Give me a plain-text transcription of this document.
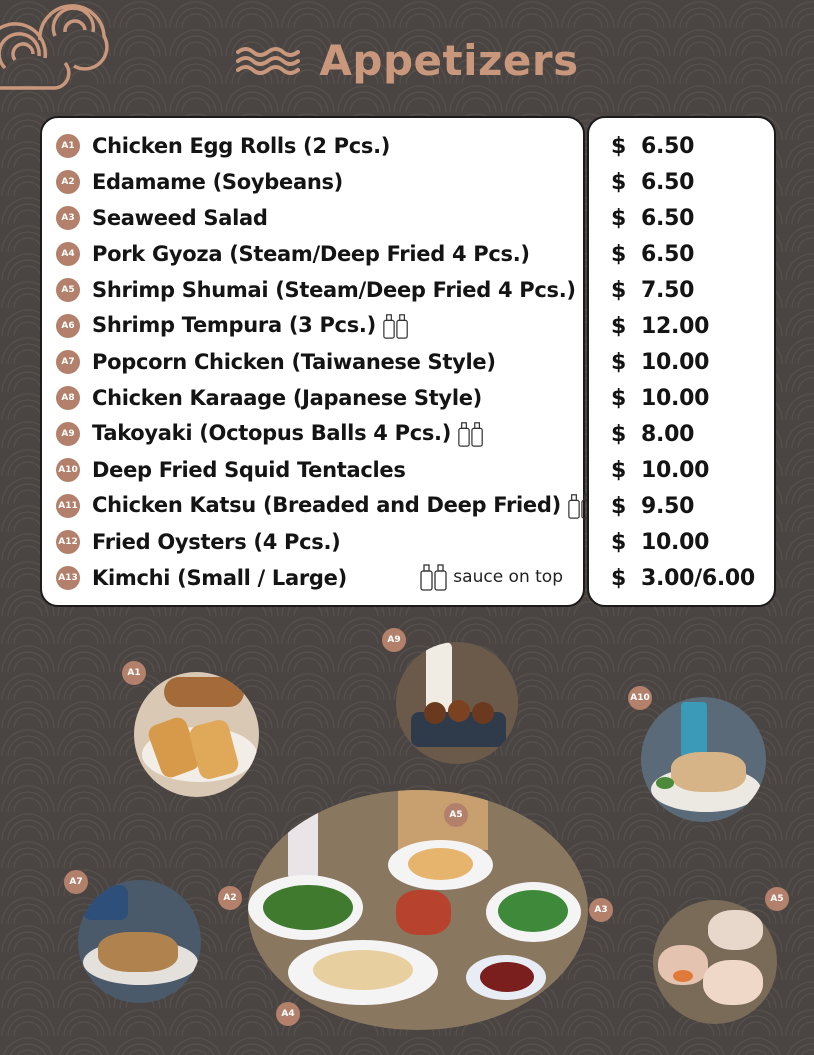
Appetizers
sauce on top
A1 Chicken Egg Rolls (2 Pcs.)
A2 Edamame (Soybeans)
A3 Seaweed Salad
A4 Pork Gyoza (Steam/Deep Fried 4 Pcs.)
A5 Shrimp Shumai (Steam/Deep Fried 4 Pcs.)
A6 Shrimp Tempura (3 Pcs.)
A7 Popcorn Chicken (Taiwanese Style)
A8 Chicken Karaage (Japanese Style)
A9 Takoyaki (Octopus Balls 4 Pcs.)
A10 Deep Fried Squid Tentacles
A11 Chicken Katsu (Breaded and Deep Fried)
A12 Fried Oysters (4 Pcs.)
A13 Kimchi (Small / Large)
$ 6.50
$ 6.50
$ 6.50
$ 6.50
$ 7.50
$ 12.00
$ 10.00
$ 10.00
$ 8.00
$ 10.00
$ 9.50
$ 10.00
$ 3.00/6.00
A1
A9
A10
A5
A7
A2
A3
A5
A4
